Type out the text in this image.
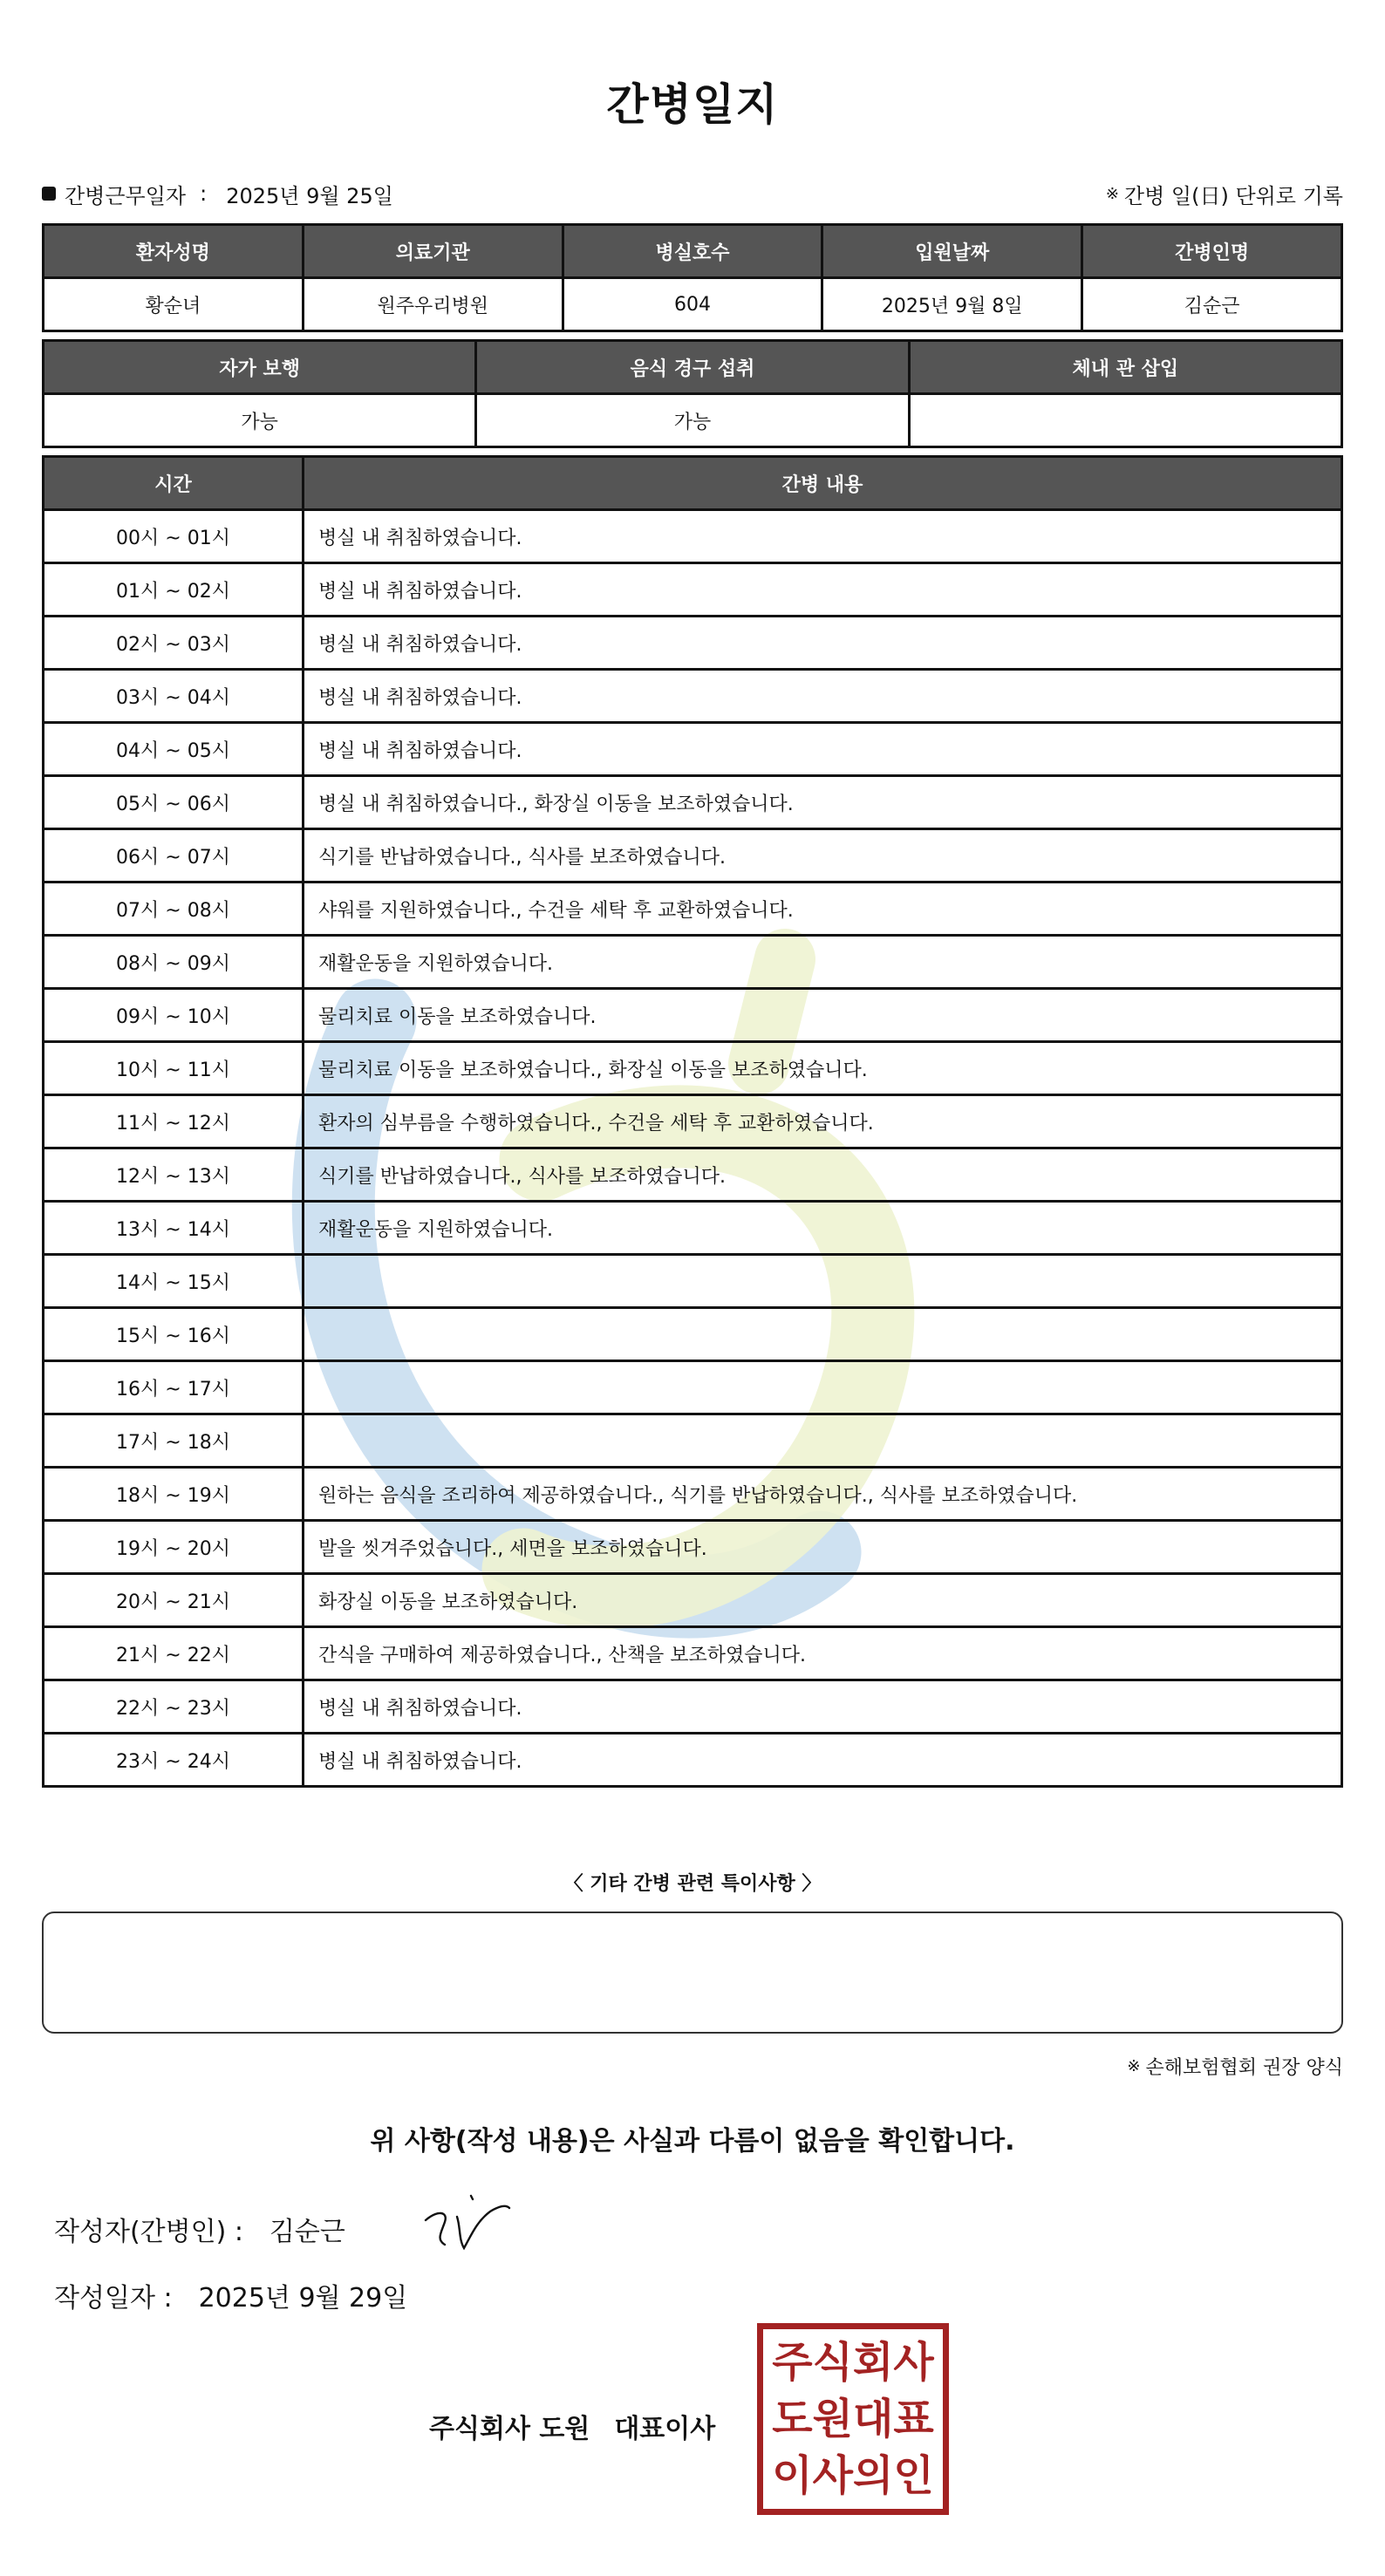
간병일지
간병근무일자 : 2025년 9월 25일	※ 간병 일(日) 단위로 기록
환자성명	의료기관	병실호수	입원날짜	간병인명
황순녀	원주우리병원	604	2025년 9월 8일	김순근
자가 보행	음식 경구 섭취	체내 관 삽입
가능	가능	
시간	간병 내용
00시 ~ 01시	병실 내 취침하였습니다.
01시 ~ 02시	병실 내 취침하였습니다.
02시 ~ 03시	병실 내 취침하였습니다.
03시 ~ 04시	병실 내 취침하였습니다.
04시 ~ 05시	병실 내 취침하였습니다.
05시 ~ 06시	병실 내 취침하였습니다., 화장실 이동을 보조하였습니다.
06시 ~ 07시	식기를 반납하였습니다., 식사를 보조하였습니다.
07시 ~ 08시	샤워를 지원하였습니다., 수건을 세탁 후 교환하였습니다.
08시 ~ 09시	재활운동을 지원하였습니다.
09시 ~ 10시	물리치료 이동을 보조하였습니다.
10시 ~ 11시	물리치료 이동을 보조하였습니다., 화장실 이동을 보조하였습니다.
11시 ~ 12시	환자의 심부름을 수행하였습니다., 수건을 세탁 후 교환하였습니다.
12시 ~ 13시	식기를 반납하였습니다., 식사를 보조하였습니다.
13시 ~ 14시	재활운동을 지원하였습니다.
14시 ~ 15시	
15시 ~ 16시	
16시 ~ 17시	
17시 ~ 18시	
18시 ~ 19시	원하는 음식을 조리하여 제공하였습니다., 식기를 반납하였습니다., 식사를 보조하였습니다.
19시 ~ 20시	발을 씻겨주었습니다., 세면을 보조하였습니다.
20시 ~ 21시	화장실 이동을 보조하였습니다.
21시 ~ 22시	간식을 구매하여 제공하였습니다., 산책을 보조하였습니다.
22시 ~ 23시	병실 내 취침하였습니다.
23시 ~ 24시	병실 내 취침하였습니다.
〈 기타 간병 관련 특이사항 〉
※ 손해보험협회 권장 양식
위 사항(작성 내용)은 사실과 다름이 없음을 확인합니다.
작성자(간병인) : 김순근
작성일자 : 2025년 9월 29일
주식회사 도원 대표이사
주식회사
도원대표
이사의인
